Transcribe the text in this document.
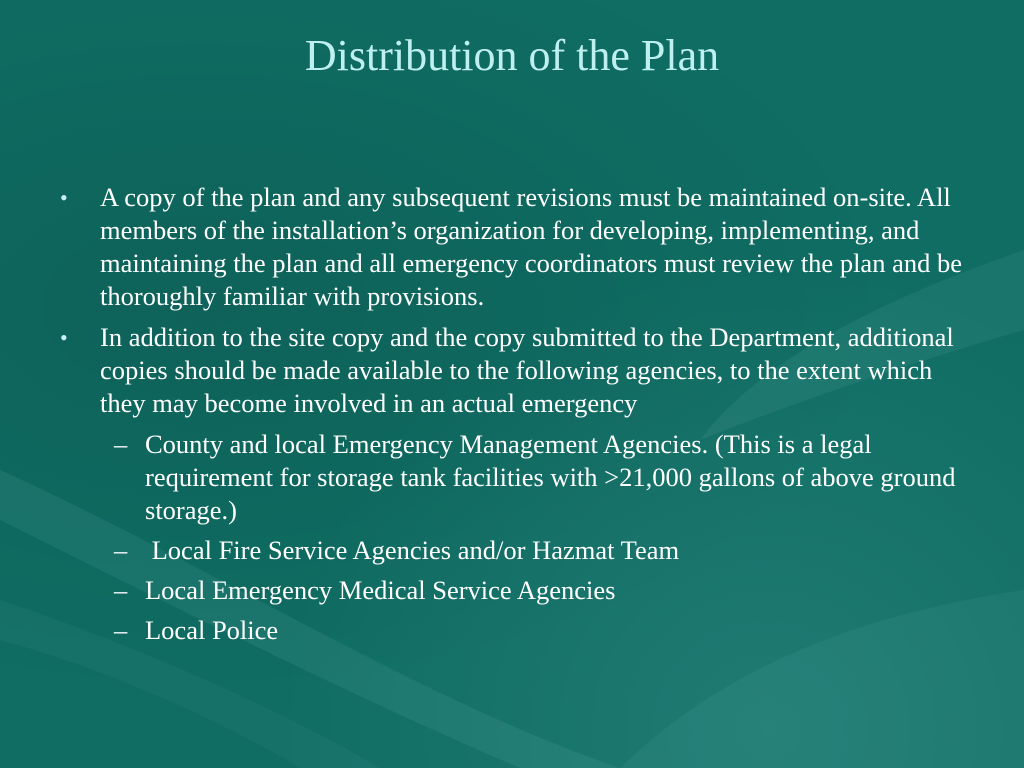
Distribution of the Plan
• A copy of the plan and any subsequent revisions must be maintained on-site. All members of the installation’s organization for developing, implementing, and maintaining the plan and all emergency coordinators must review the plan and be thoroughly familiar with provisions.
• In addition to the site copy and the copy submitted to the Department, additional copies should be made available to the following agencies, to the extent which they may become involved in an actual emergency
– County and local Emergency Management Agencies. (This is a legal requirement for storage tank facilities with >21,000 gallons of above ground storage.)
– Local Fire Service Agencies and/or Hazmat Team
– Local Emergency Medical Service Agencies
– Local Police
